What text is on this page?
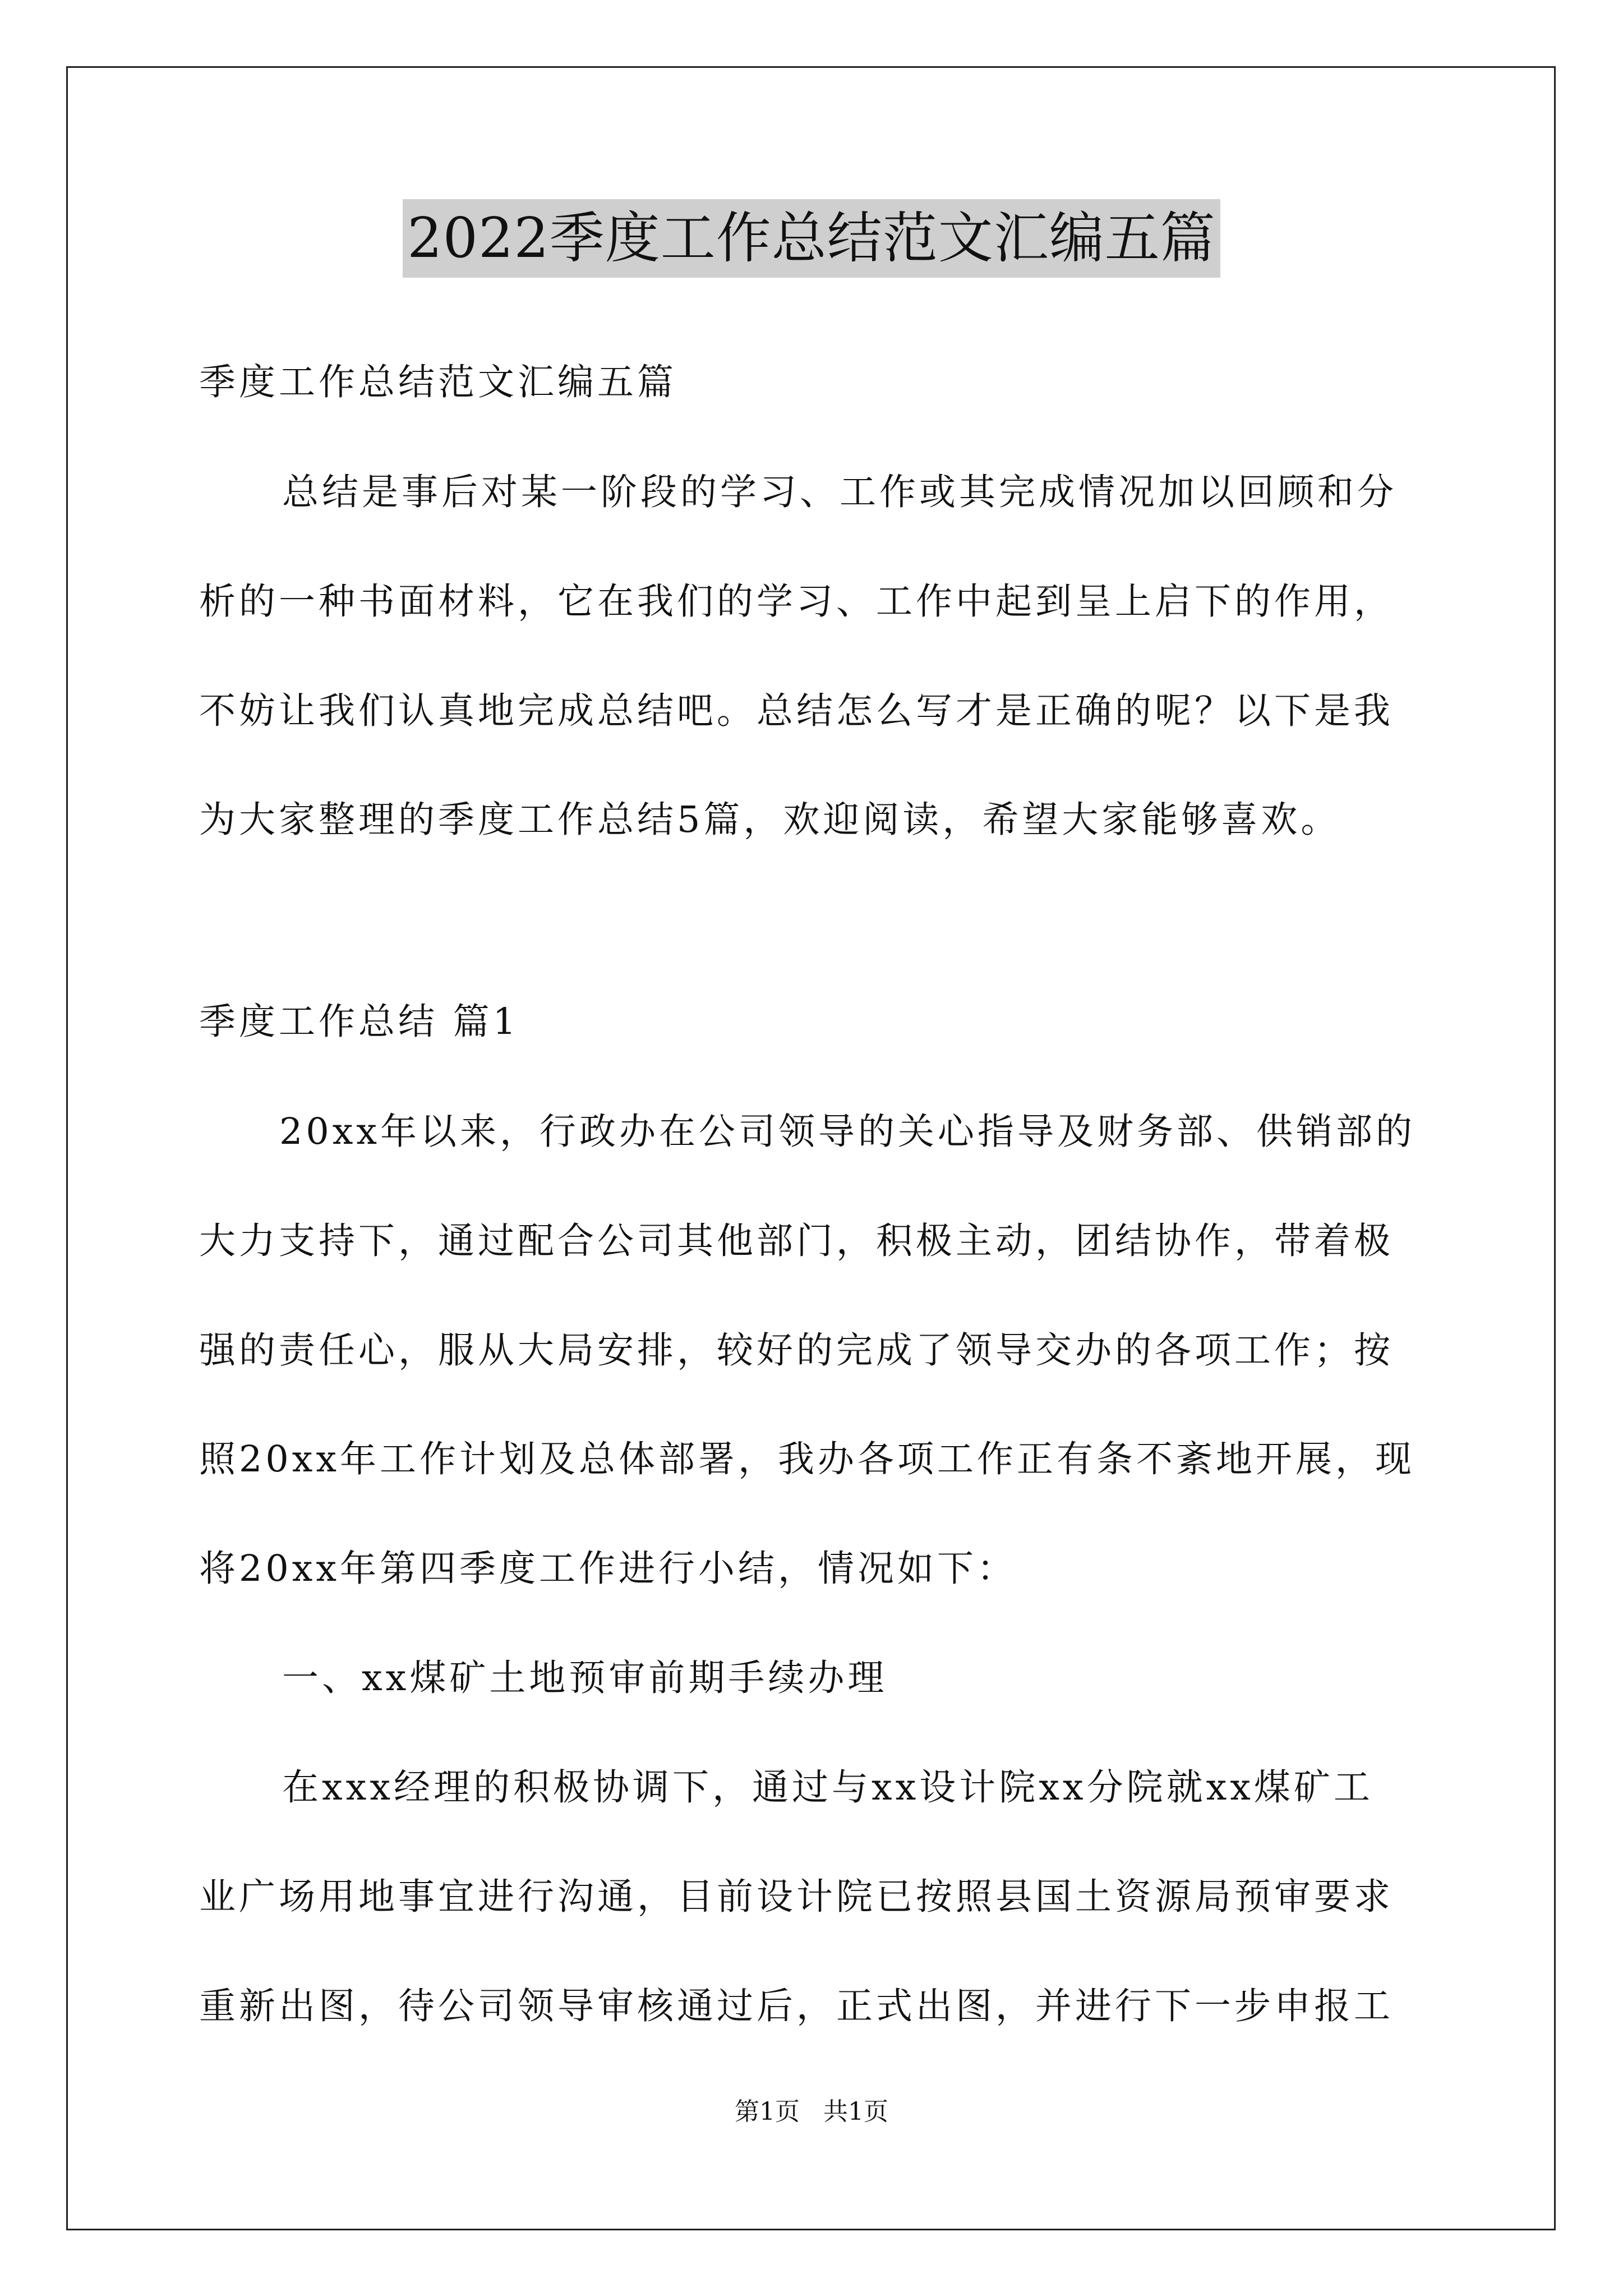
2022季度工作总结范文汇编五篇
季度工作总结范文汇编五篇
总结是事后对某一阶段的学习、工作或其完成情况加以回顾和分
析的一种书面材料，它在我们的学习、工作中起到呈上启下的作用，
不妨让我们认真地完成总结吧。总结怎么写才是正确的呢？以下是我
为大家整理的季度工作总结5篇，欢迎阅读，希望大家能够喜欢。
季度工作总结 篇1
20xx年以来，行政办在公司领导的关心指导及财务部、供销部的
大力支持下，通过配合公司其他部门，积极主动，团结协作，带着极
强的责任心，服从大局安排，较好的完成了领导交办的各项工作；按
照20xx年工作计划及总体部署，我办各项工作正有条不紊地开展，现
将20xx年第四季度工作进行小结，情况如下：
一、xx煤矿土地预审前期手续办理
在xxx经理的积极协调下，通过与xx设计院xx分院就xx煤矿工
业广场用地事宜进行沟通，目前设计院已按照县国土资源局预审要求
重新出图，待公司领导审核通过后，正式出图，并进行下一步申报工
第1页 共1页
